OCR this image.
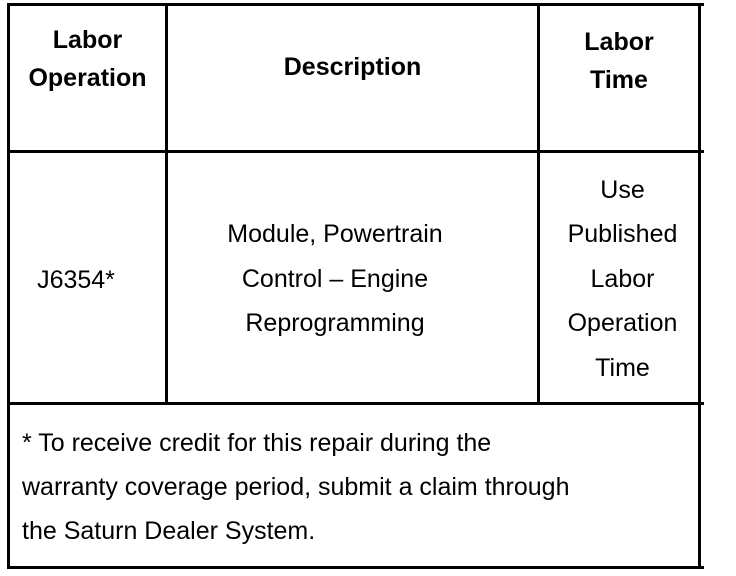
Labor
Operation	Description
Labor
Time
J6354*
Module, Powertrain
Control – Engine
Reprogramming
Use
Published
Labor
Operation
Time
* To receive credit for this repair during the
warranty coverage period, submit a claim through
the Saturn Dealer System.
